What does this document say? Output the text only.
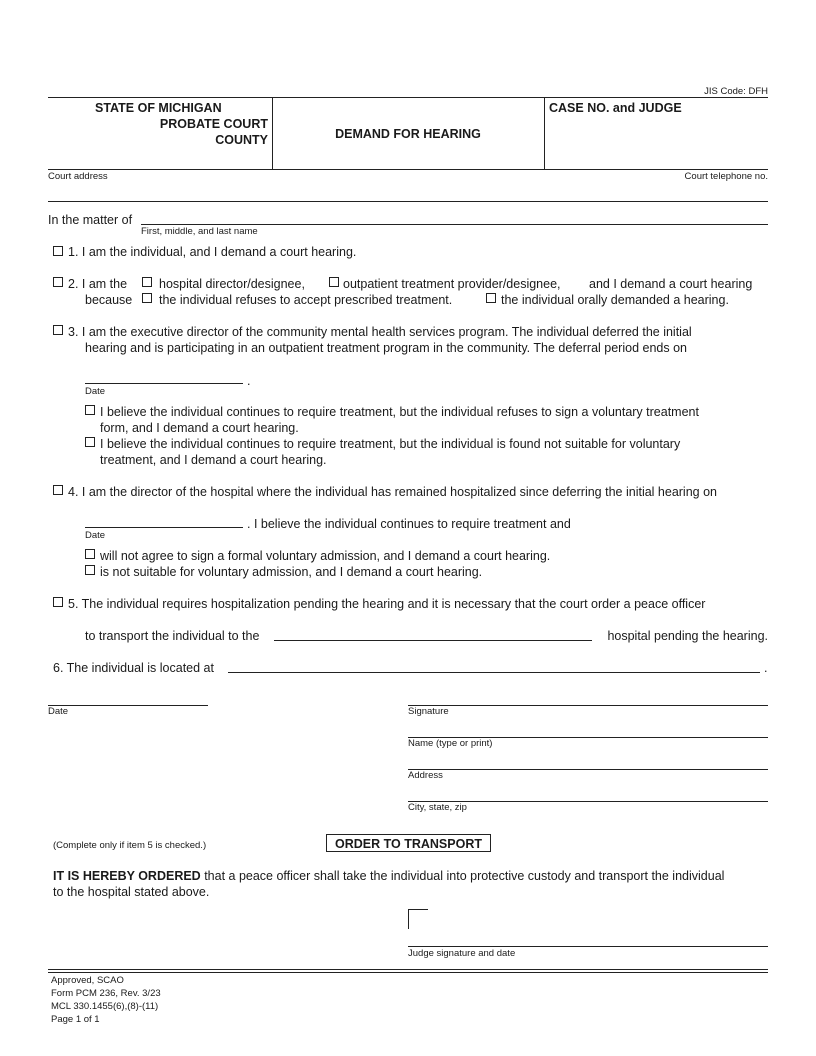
JIS Code: DFH
STATE OF MICHIGAN
PROBATE COURT
COUNTY	DEMAND FOR HEARING
CASE NO. and JUDGE
Court address	Court telephone no.
In the matter of
First, middle, and last name
1. I am the individual, and I demand a court hearing.
2. I am the	hospital director/designee,	outpatient treatment provider/designee, and I demand a court hearing
because the individual refuses to accept prescribed treatment.	the individual orally demanded a hearing.
3. I am the executive director of the community mental health services program. The individual deferred the initial
hearing and is participating in an outpatient treatment program in the community. The deferral period ends on
.
Date
I believe the individual continues to require treatment, but the individual refuses to sign a voluntary treatment
form, and I demand a court hearing.
I believe the individual continues to require treatment, but the individual is found not suitable for voluntary
treatment, and I demand a court hearing.
4. I am the director of the hospital where the individual has remained hospitalized since deferring the initial hearing on
. I believe the individual continues to require treatment and
Date
will not agree to sign a formal voluntary admission, and I demand a court hearing.
is not suitable for voluntary admission, and I demand a court hearing.
5. The individual requires hospitalization pending the hearing and it is necessary that the court order a peace officer
to transport the individual to the	hospital pending the hearing.
6. The individual is located at	.
Date	Signature
Name (type or print)
Address
City, state, zip
(Complete only if item 5 is checked.)	ORDER TO TRANSPORT
IT IS HEREBY ORDERED that a peace officer shall take the individual into protective custody and transport the individual
to the hospital stated above.
Judge signature and date
Approved, SCAO
Form PCM 236, Rev. 3/23
MCL 330.1455(6),(8)-(11)
Page 1 of 1
